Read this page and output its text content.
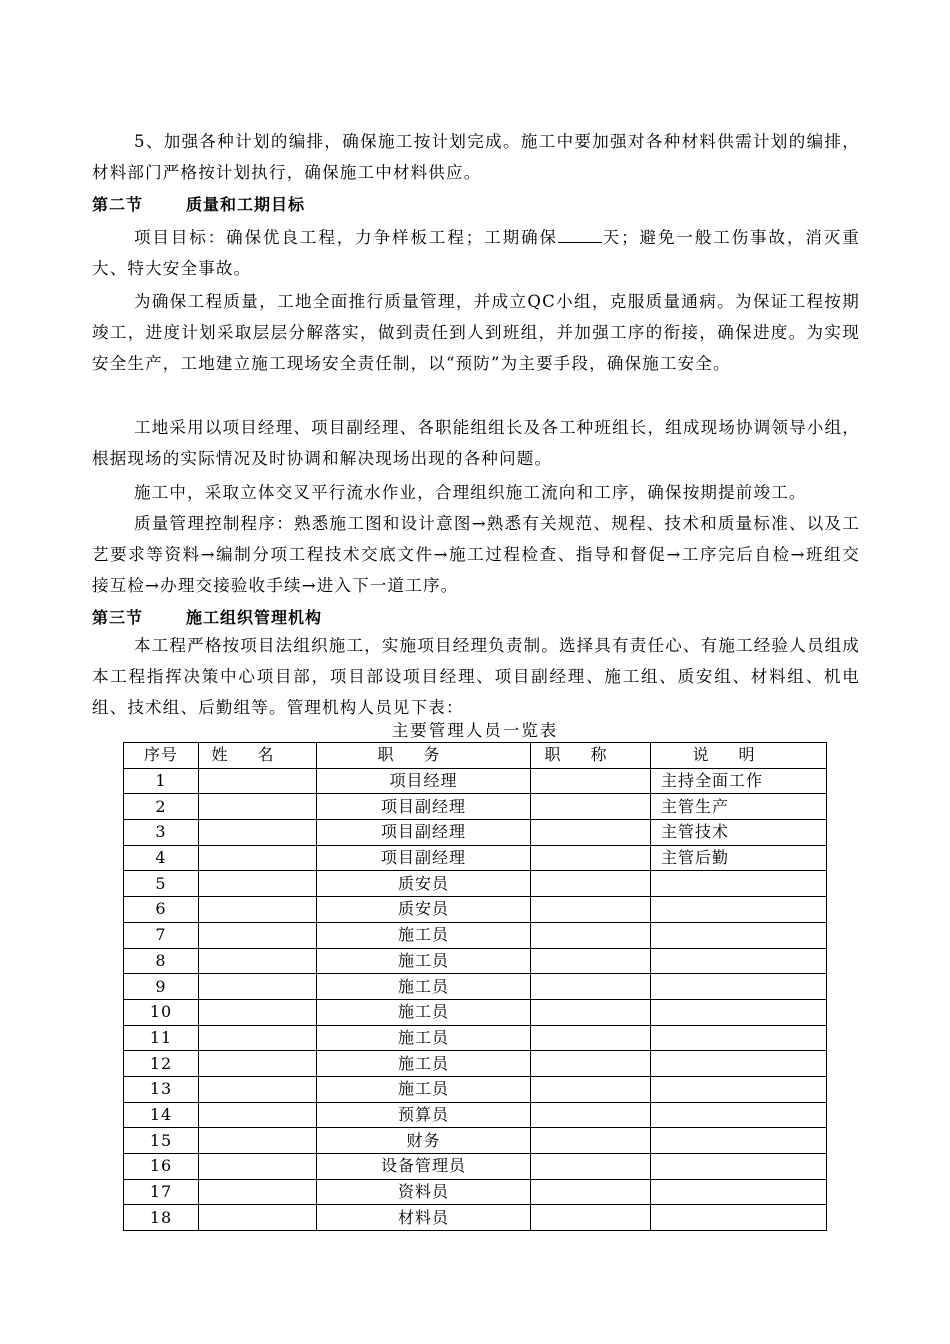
5、加强各种计划的编排，确保施工按计划完成。施工中要加强对各种材料供需计划的编排，材料部门严格按计划执行，确保施工中材料供应。

第二节	质量和工期目标

项目目标：确保优良工程，力争样板工程；工期确保	天；避免一般工伤事故，消灭重大、特大安全事故。

为确保工程质量，工地全面推行质量管理，并成立QC小组，克服质量通病。为保证工程按期竣工，进度计划采取层层分解落实，做到责任到人到班组，并加强工序的衔接，确保进度。为实现安全生产，工地建立施工现场安全责任制，以“预防”为主要手段，确保施工安全。

工地采用以项目经理、项目副经理、各职能组组长及各工种班组长，组成现场协调领导小组，根据现场的实际情况及时协调和解决现场出现的各种问题。

施工中，采取立体交叉平行流水作业，合理组织施工流向和工序，确保按期提前竣工。

质量管理控制程序：熟悉施工图和设计意图→熟悉有关规范、规程、技术和质量标准、以及工艺要求等资料→编制分项工程技术交底文件→施工过程检查、指导和督促→工序完后自检→班组交接互检→办理交接验收手续→进入下一道工序。

第三节	施工组织管理机构

本工程严格按项目法组织施工，实施项目经理负责制。选择具有责任心、有施工经验人员组成本工程指挥决策中心项目部，项目部设项目经理、项目副经理、施工组、质安组、材料组、机电组、技术组、后勤组等。管理机构人员见下表：

主要管理人员一览表
序号	姓名	职务	职称	说明
1		项目经理		主持全面工作
2		项目副经理		主管生产
3		项目副经理		主管技术
4		项目副经理		主管后勤
5		质安员		
6		质安员		
7		施工员		
8		施工员		
9		施工员		
10		施工员		
11		施工员		
12		施工员		
13		施工员		
14		预算员		
15		财务		
16		设备管理员		
17		资料员		
18		材料员		
